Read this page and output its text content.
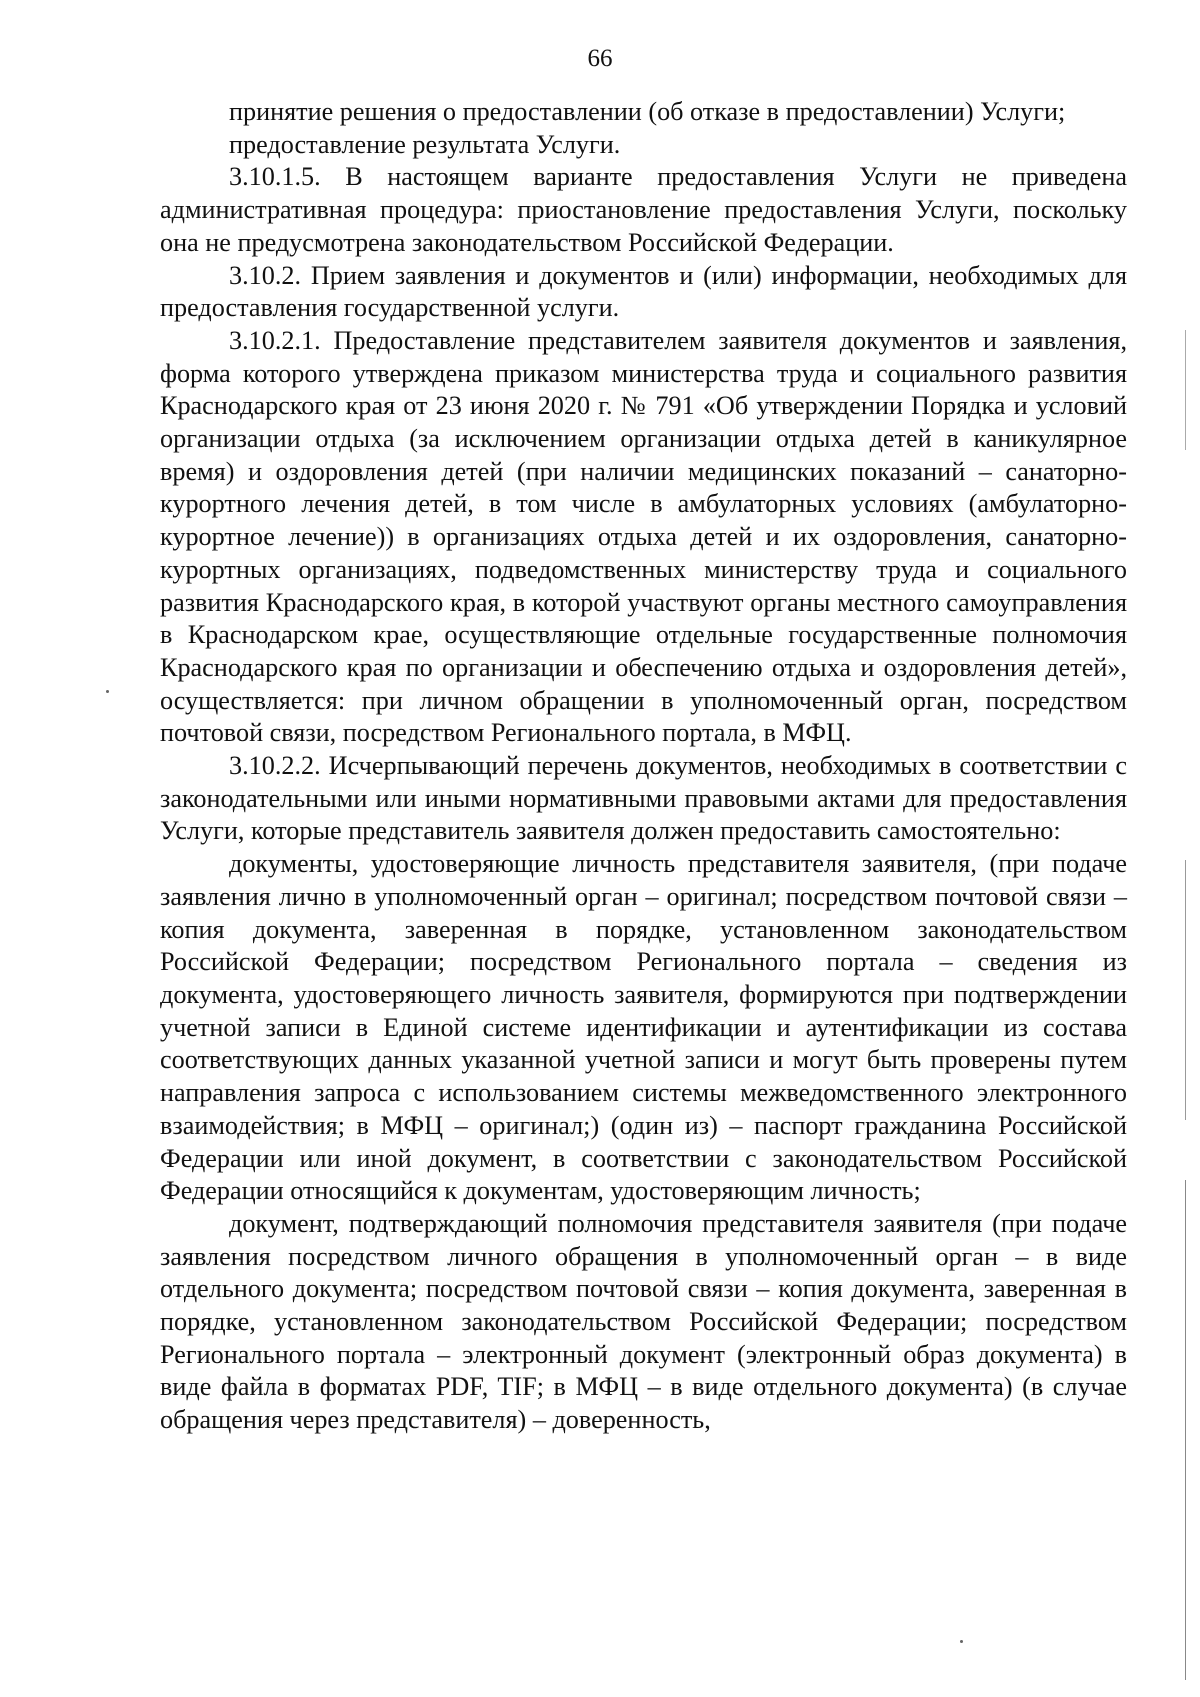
66

принятие решения о предоставлении (об отказе в предоставлении) Услуги;

предоставление результата Услуги.

3.10.1.5. В настоящем варианте предоставления Услуги не приведена административная процедура: приостановление предоставления Услуги, поскольку она не предусмотрена законодательством Российской Федерации.

3.10.2. Прием заявления и документов и (или) информации, необходимых для предоставления государственной услуги.

3.10.2.1. Предоставление представителем заявителя документов и заявления, форма которого утверждена приказом министерства труда и социального развития Краснодарского края от 23 июня 2020 г. № 791 «Об утверждении Порядка и условий организации отдыха (за исключением организации отдыха детей в каникулярное время) и оздоровления детей (при наличии медицинских показаний – санаторно-курортного лечения детей, в том числе в амбулаторных условиях (амбулаторно-курортное лечение)) в организациях отдыха детей и их оздоровления, санаторно-курортных организациях, подведомственных министерству труда и социального развития Краснодарского края, в которой участвуют органы местного самоуправления в Краснодарском крае, осуществляющие отдельные государственные полномочия Краснодарского края по организации и обеспечению отдыха и оздоровления детей», осуществляется: при личном обращении в уполномоченный орган, посредством почтовой связи, посредством Регионального портала, в МФЦ.

3.10.2.2. Исчерпывающий перечень документов, необходимых в соответствии с законодательными или иными нормативными правовыми актами для предоставления Услуги, которые представитель заявителя должен предоставить самостоятельно:

документы, удостоверяющие личность представителя заявителя, (при подаче заявления лично в уполномоченный орган – оригинал; посредством почтовой связи – копия документа, заверенная в порядке, установленном законодательством Российской Федерации; посредством Регионального портала – сведения из документа, удостоверяющего личность заявителя, формируются при подтверждении учетной записи в Единой системе идентификации и аутентификации из состава соответствующих данных указанной учетной записи и могут быть проверены путем направления запроса с использованием системы межведомственного электронного взаимодействия; в МФЦ – оригинал;) (один из) – паспорт гражданина Российской Федерации или иной документ, в соответствии с законодательством Российской Федерации относящийся к документам, удостоверяющим личность;

документ, подтверждающий полномочия представителя заявителя (при подаче заявления посредством личного обращения в уполномоченный орган – в виде отдельного документа; посредством почтовой связи – копия документа, заверенная в порядке, установленном законодательством Российской Федерации; посредством Регионального портала – электронный документ (электронный образ документа) в виде файла в форматах PDF, TIF; в МФЦ – в виде отдельного документа) (в случае обращения через представителя) – доверенность,
